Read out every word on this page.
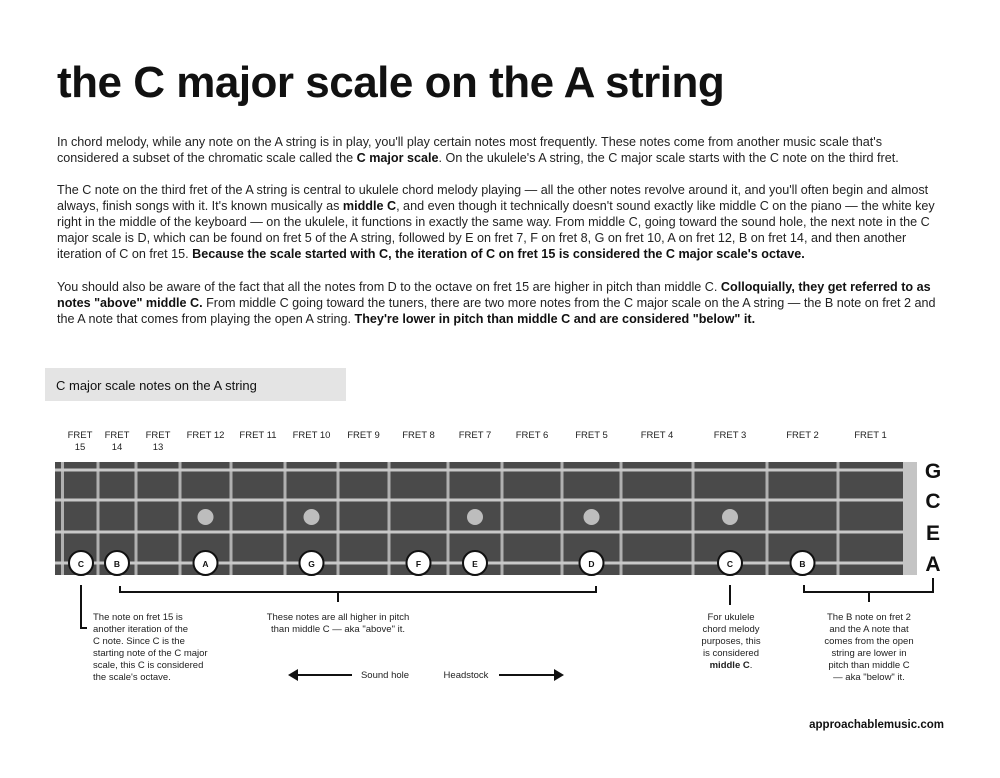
the C major scale on the A string

In chord melody, while any note on the A string is in play, you'll play certain notes most frequently. These notes come from another music scale that's considered a subset of the chromatic scale called the C major scale. On the ukulele's A string, the C major scale starts with the C note on the third fret.

The C note on the third fret of the A string is central to ukulele chord melody playing — all the other notes revolve around it, and you'll often begin and almost always, finish songs with it. It's known musically as middle C, and even though it technically doesn't sound exactly like middle C on the piano — the white key right in the middle of the keyboard — on the ukulele, it functions in exactly the same way. From middle C, going toward the sound hole, the next note in the C major scale is D, which can be found on fret 5 of the A string, followed by E on fret 7, F on fret 8, G on fret 10, A on fret 12, B on fret 14, and then another iteration of C on fret 15. Because the scale started with C, the iteration of C on fret 15 is considered the C major scale's octave.

You should also be aware of the fact that all the notes from D to the octave on fret 15 are higher in pitch than middle C. Colloquially, they get referred to as notes "above" middle C. From middle C going toward the tuners, there are two more notes from the C major scale on the A string — the B note on fret 2 and the A note that comes from playing the open A string. They're lower in pitch than middle C and are considered "below" it.

C major scale notes on the A string
G
C
E
A
FRET
15
FRET
14
FRET
13
FRET 12 FRET 11 FRET 10 FRET 9 FRET 8	FRET 7	FRET 6	FRET 5	FRET 4	FRET 3	FRET 2	FRET 1
C	B	A	G	F	E	D	C	B
The note on fret 15 is
another iteration of the
C note. Since C is the
starting note of the C major
scale, this C is considered
the scale's octave.
These notes are all higher in pitch
than middle C — aka "above" it.
For ukulele
chord melody
purposes, this
is considered
middle C.
The B note on fret 2
and the A note that
comes from the open
string are lower in
pitch than middle C
— aka "below" it.
Sound hole	Headstock
approachablemusic.com
